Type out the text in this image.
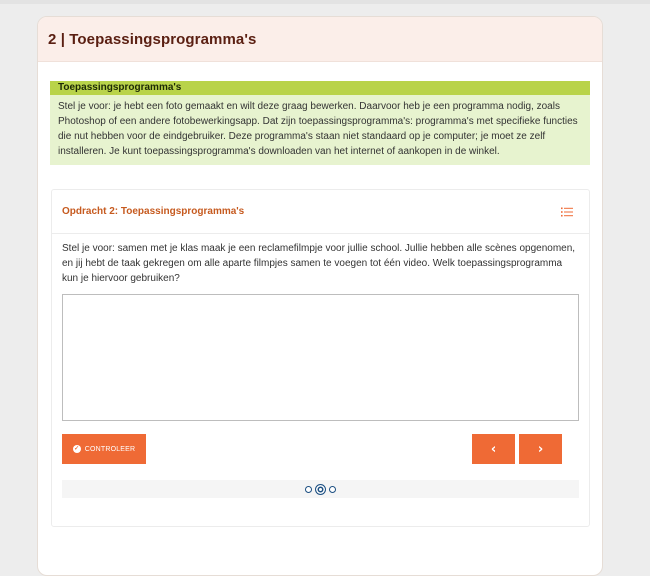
2 | Toepassingsprogramma's
Toepassingsprogramma's

Stel je voor: je hebt een foto gemaakt en wilt deze graag bewerken. Daarvoor heb je een programma nodig, zoals Photoshop of een andere fotobewerkingsapp. Dat zijn toepassingsprogramma's: programma's met specifieke functies die nut hebben voor de eindgebruiker. Deze programma's staan niet standaard op je computer; je moet ze zelf installeren. Je kunt toepassingsprogramma's downloaden van het internet of aankopen in de winkel.

Opdracht 2: Toepassingsprogramma's

Stel je voor: samen met je klas maak je een reclamefilmpje voor jullie school. Jullie hebben alle scènes opgenomen, en jij hebt de taak gekregen om alle aparte filmpjes samen te voegen tot één video. Welk toepassingsprogramma kun je hiervoor gebruiken?

✓ CONTROLEER	‹	›
